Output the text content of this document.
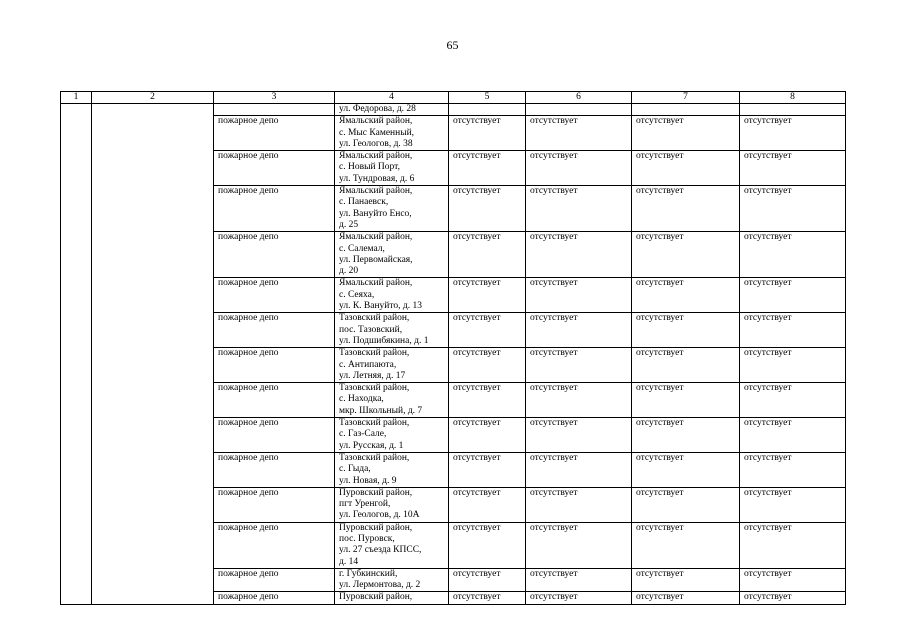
65
1	2	3	4	5	6	7	8

			ул. Федорова, д. 28				

		пожарное депо	Ямальский район,
с. Мыс Каменный,
ул. Геологов, д. 38	отсутствует	отсутствует	отсутствует	отсутствует
		пожарное депо	Ямальский район,
с. Новый Порт,
ул. Тундровая, д. 6	отсутствует	отсутствует	отсутствует	отсутствует
		пожарное депо	Ямальский район,
с. Панаевск,
ул. Вануйто Енсо,
д. 25	отсутствует	отсутствует	отсутствует	отсутствует
		пожарное депо	Ямальский район,
с. Салемал,
ул. Первомайская,
д. 20	отсутствует	отсутствует	отсутствует	отсутствует
		пожарное депо	Ямальский район,
с. Сеяха,
ул. К. Вануйто, д. 13	отсутствует	отсутствует	отсутствует	отсутствует
		пожарное депо	Тазовский район,
пос. Тазовский,
ул. Подшибякина, д. 1	отсутствует	отсутствует	отсутствует	отсутствует
		пожарное депо	Тазовский район,
с. Антипаюта,
ул. Летняя, д. 17	отсутствует	отсутствует	отсутствует	отсутствует
		пожарное депо	Тазовский район,
с. Находка,
мкр. Школьный, д. 7	отсутствует	отсутствует	отсутствует	отсутствует
		пожарное депо	Тазовский район,
с. Газ-Сале,
ул. Русская, д. 1	отсутствует	отсутствует	отсутствует	отсутствует
		пожарное депо	Тазовский район,
с. Гыда,
ул. Новая, д. 9	отсутствует	отсутствует	отсутствует	отсутствует
		пожарное депо	Пуровский район,
пгт Уренгой,
ул. Геологов, д. 10А	отсутствует	отсутствует	отсутствует	отсутствует
		пожарное депо	Пуровский район,
пос. Пуровск,
ул. 27 съезда КПСС,
д. 14	отсутствует	отсутствует	отсутствует	отсутствует
		пожарное депо	г. Губкинский,
ул. Лермонтова, д. 2	отсутствует	отсутствует	отсутствует	отсутствует
		пожарное депо	Пуровский район,	отсутствует	отсутствует	отсутствует	отсутствует
